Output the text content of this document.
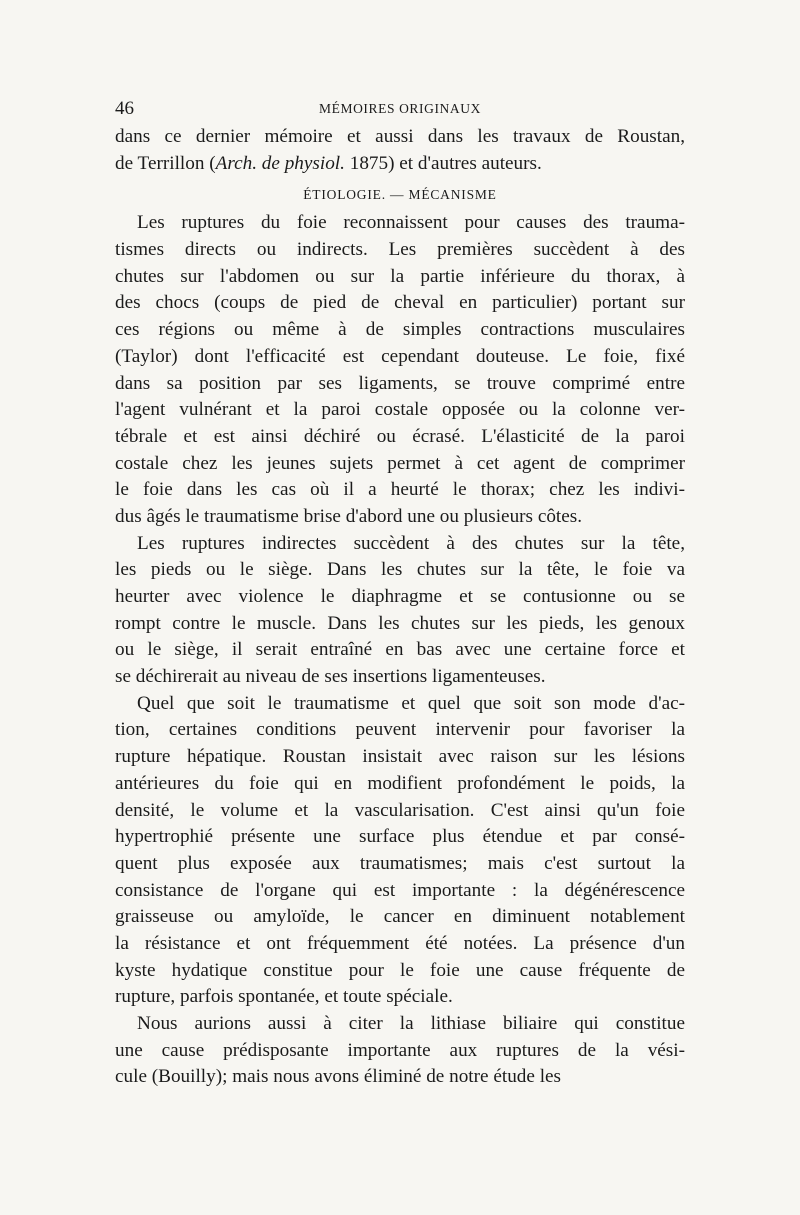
46	MÉMOIRES ORIGINAUX
dans ce dernier mémoire et aussi dans les travaux de Roustan,
de Terrillon (Arch. de physiol. 1875) et d'autres auteurs.
ÉTIOLOGIE. — MÉCANISME
Les ruptures du foie reconnaissent pour causes des trauma-
tismes directs ou indirects. Les premières succèdent à des
chutes sur l'abdomen ou sur la partie inférieure du thorax, à
des chocs (coups de pied de cheval en particulier) portant sur
ces régions ou même à de simples contractions musculaires
(Taylor) dont l'efficacité est cependant douteuse. Le foie, fixé
dans sa position par ses ligaments, se trouve comprimé entre
l'agent vulnérant et la paroi costale opposée ou la colonne ver-
tébrale et est ainsi déchiré ou écrasé. L'élasticité de la paroi
costale chez les jeunes sujets permet à cet agent de comprimer
le foie dans les cas où il a heurté le thorax; chez les indivi-
dus âgés le traumatisme brise d'abord une ou plusieurs côtes.
Les ruptures indirectes succèdent à des chutes sur la tête,
les pieds ou le siège. Dans les chutes sur la tête, le foie va
heurter avec violence le diaphragme et se contusionne ou se
rompt contre le muscle. Dans les chutes sur les pieds, les genoux
ou le siège, il serait entraîné en bas avec une certaine force et
se déchirerait au niveau de ses insertions ligamenteuses.
Quel que soit le traumatisme et quel que soit son mode d'ac-
tion, certaines conditions peuvent intervenir pour favoriser la
rupture hépatique. Roustan insistait avec raison sur les lésions
antérieures du foie qui en modifient profondément le poids, la
densité, le volume et la vascularisation. C'est ainsi qu'un foie
hypertrophié présente une surface plus étendue et par consé-
quent plus exposée aux traumatismes; mais c'est surtout la
consistance de l'organe qui est importante : la dégénérescence
graisseuse ou amyloïde, le cancer en diminuent notablement
la résistance et ont fréquemment été notées. La présence d'un
kyste hydatique constitue pour le foie une cause fréquente de
rupture, parfois spontanée, et toute spéciale.
Nous aurions aussi à citer la lithiase biliaire qui constitue
une cause prédisposante importante aux ruptures de la vési-
cule (Bouilly); mais nous avons éliminé de notre étude les
